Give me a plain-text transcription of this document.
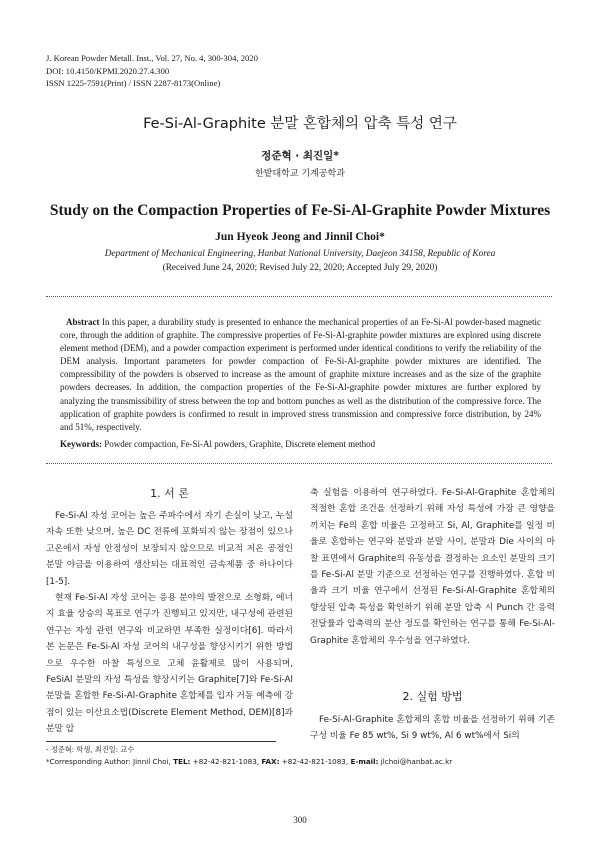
J. Korean Powder Metall. Inst., Vol. 27, No. 4, 300-304, 2020
DOI: 10.4150/KPMI.2020.27.4.300
ISSN 1225-7591(Print) / ISSN 2287-8173(Online)
Fe-Si-Al-Graphite 분말 혼합체의 압축 특성 연구
정준혁 · 최진일*
한밭대학교 기계공학과
Study on the Compaction Properties of Fe-Si-Al-Graphite Powder Mixtures
Jun Hyeok Jeong and Jinnil Choi*
Department of Mechanical Engineering, Hanbat National University, Daejeon 34158, Republic of Korea
(Received June 24, 2020; Revised July 22, 2020; Accepted July 29, 2020)
Abstract In this paper, a durability study is presented to enhance the mechanical properties of an Fe-Si-Al powder-based magnetic core, through the addition of graphite. The compressive properties of Fe-Si-Al-graphite powder mixtures are explored using discrete element method (DEM), and a powder compaction experiment is performed under identical conditions to verify the reliability of the DEM analysis. Important parameters for powder compaction of Fe-Si-Al-graphite powder mixtures are identified. The compressibility of the powders is observed to increase as the amount of graphite mixture increases and as the size of the graphite powders decreases. In addition, the compaction properties of the Fe-Si-Al-graphite powder mixtures are further explored by analyzing the transmissibility of stress between the top and bottom punches as well as the distribution of the compressive force. The application of graphite powders is confirmed to result in improved stress transmission and compressive force distribution, by 24% and 51%, respectively.
Keywords: Powder compaction, Fe-Si-Al powders, Graphite, Discrete element method
1. 서 론

Fe-Si-Al 자성 코어는 높은 주파수에서 자기 손실이 낮고, 누설 자속 또한 낮으며, 높은 DC 전류에 포화되지 않는 장점이 있으나 고온에서 자성 안정성이 보장되지 않으므로 비교적 저온 공정인 분말 야금을 이용하여 생산되는 대표적인 금속제품 중 하나이다[1-5].

현재 Fe-Si-Al 자성 코어는 응용 분야의 발전으로 소형화, 에너지 효율 상승의 목표로 연구가 진행되고 있지만, 내구성에 관련된 연구는 자성 관련 연구와 비교하면 부족한 실정이다[6]. 따라서 본 논문은 Fe-Si-Al 자성 코어의 내구성을 향상시키기 위한 방법으로 우수한 마찰 특성으로 고체 윤활제로 많이 사용되며, FeSiAl 분말의 자성 특성을 향상시키는 Graphite[7]와 Fe-Si-Al 분말을 혼합한 Fe-Si-Al-Graphite 혼합체를 입자 거동 예측에 강점이 있는 이산요소법(Discrete Element Method, DEM)[8]과 분말 압

축 실험을 이용하여 연구하였다. Fe-Si-Al-Graphite 혼합체의 적절한 혼합 조건을 선정하기 위해 자성 특성에 가장 큰 영향을 끼치는 Fe의 혼합 비율은 고정하고 Si, Al, Graphite를 일정 비율로 혼합하는 연구와 분말과 분말 사이, 분말과 Die 사이의 마찰 표면에서 Graphite의 유동성을 결정하는 요소인 분말의 크기를 Fe-Si-Al 분말 기준으로 선정하는 연구를 진행하였다. 혼합 비율과 크기 비율 연구에서 선정된 Fe-Si-Al-Graphite 혼합체의 향상된 압축 특성을 확인하기 위해 분말 압축 시 Punch 간 응력 전달률과 압축력의 분산 정도를 확인하는 연구를 통해 Fe-Si-Al-Graphite 혼합체의 우수성을 연구하였다.

2. 실험 방법

Fe-Si-Al-Graphite 혼합체의 혼합 비율을 선정하기 위해 기존 구성 비율 Fe 85 wt%, Si 9 wt%, Al 6 wt%에서 Si의

- 정준혁: 학생, 최진일: 교수
*Corresponding Author: Jinnil Choi, TEL: +82-42-821-1083, FAX: +82-42-821-1083, E-mail: jlchoi@hanbat.ac.kr
300
